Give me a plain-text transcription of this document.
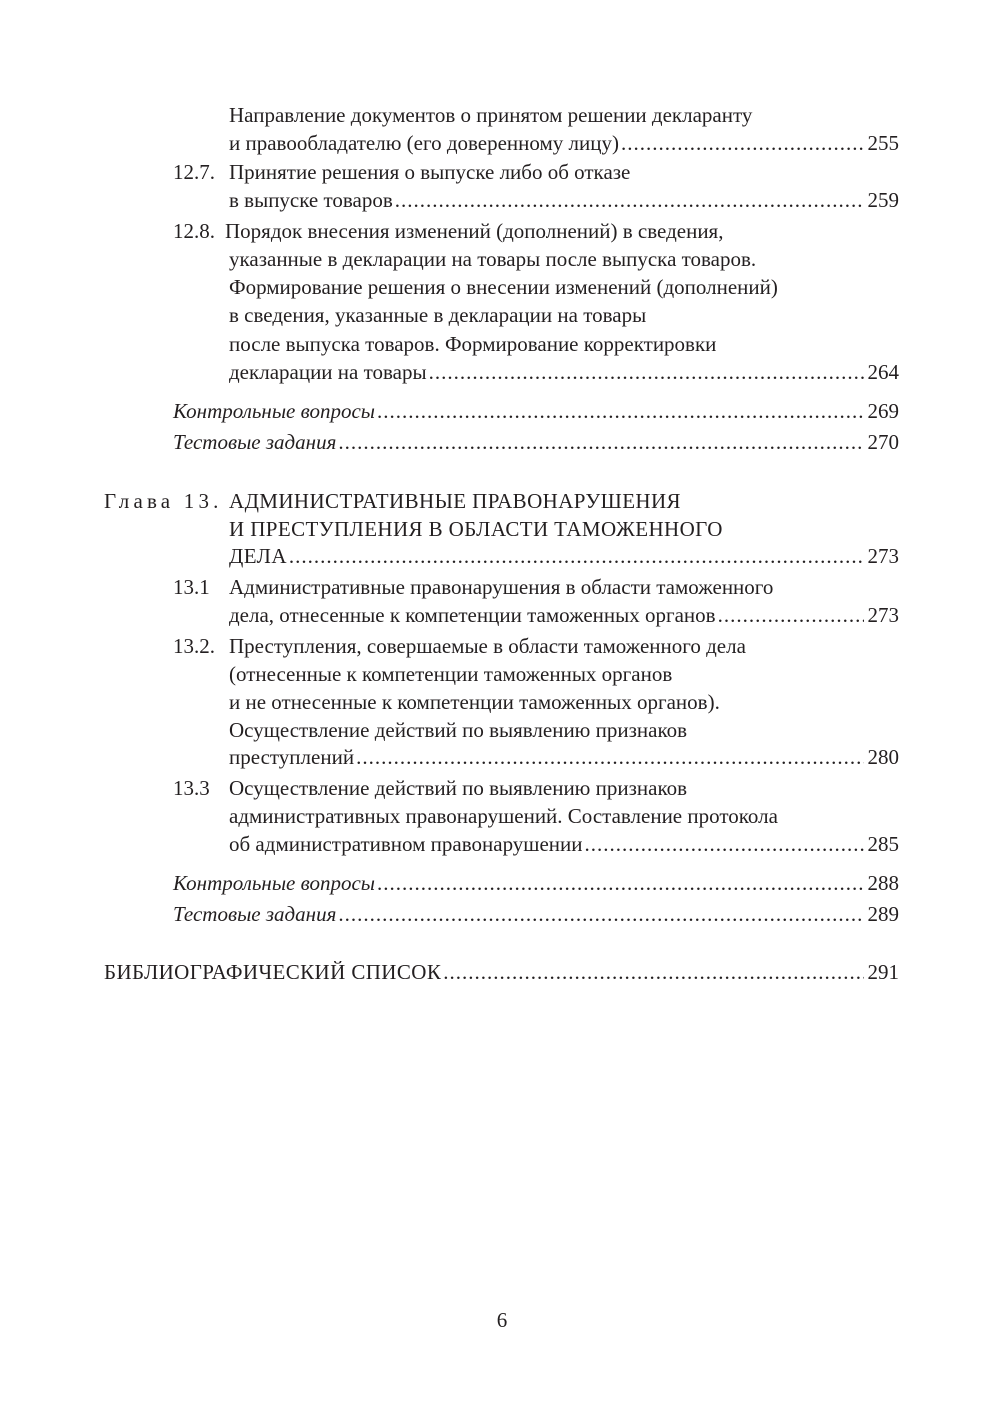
Направление документов о принятом решении декларанту
и правообладателю (его доверенному лицу) .....	255
12.7. Принятие решения о выпуске либо об отказе
в выпуске товаров .....	259
12.8. Порядок внесения изменений (дополнений) в сведения,
указанные в декларации на товары после выпуска товаров.
Формирование решения о внесении изменений (дополнений)
в сведения, указанные в декларации на товары
после выпуска товаров. Формирование корректировки
декларации на товары .....	264
Контрольные вопросы .....	269
Тестовые задания .....	270
Глава 13. АДМИНИСТРАТИВНЫЕ ПРАВОНАРУШЕНИЯ
И ПРЕСТУПЛЕНИЯ В ОБЛАСТИ ТАМОЖЕННОГО
ДЕЛА .....	273
13.1 Административные правонарушения в области таможенного
дела, отнесенные к компетенции таможенных органов .....	273
13.2. Преступления, совершаемые в области таможенного дела
(отнесенные к компетенции таможенных органов
и не отнесенные к компетенции таможенных органов).
Осуществление действий по выявлению признаков
преступлений .....	280
13.3 Осуществление действий по выявлению признаков
административных правонарушений. Составление протокола
об административном правонарушении .....	285
Контрольные вопросы .....	288
Тестовые задания .....	289
БИБЛИОГРАФИЧЕСКИЙ СПИСОК .....	291
6
